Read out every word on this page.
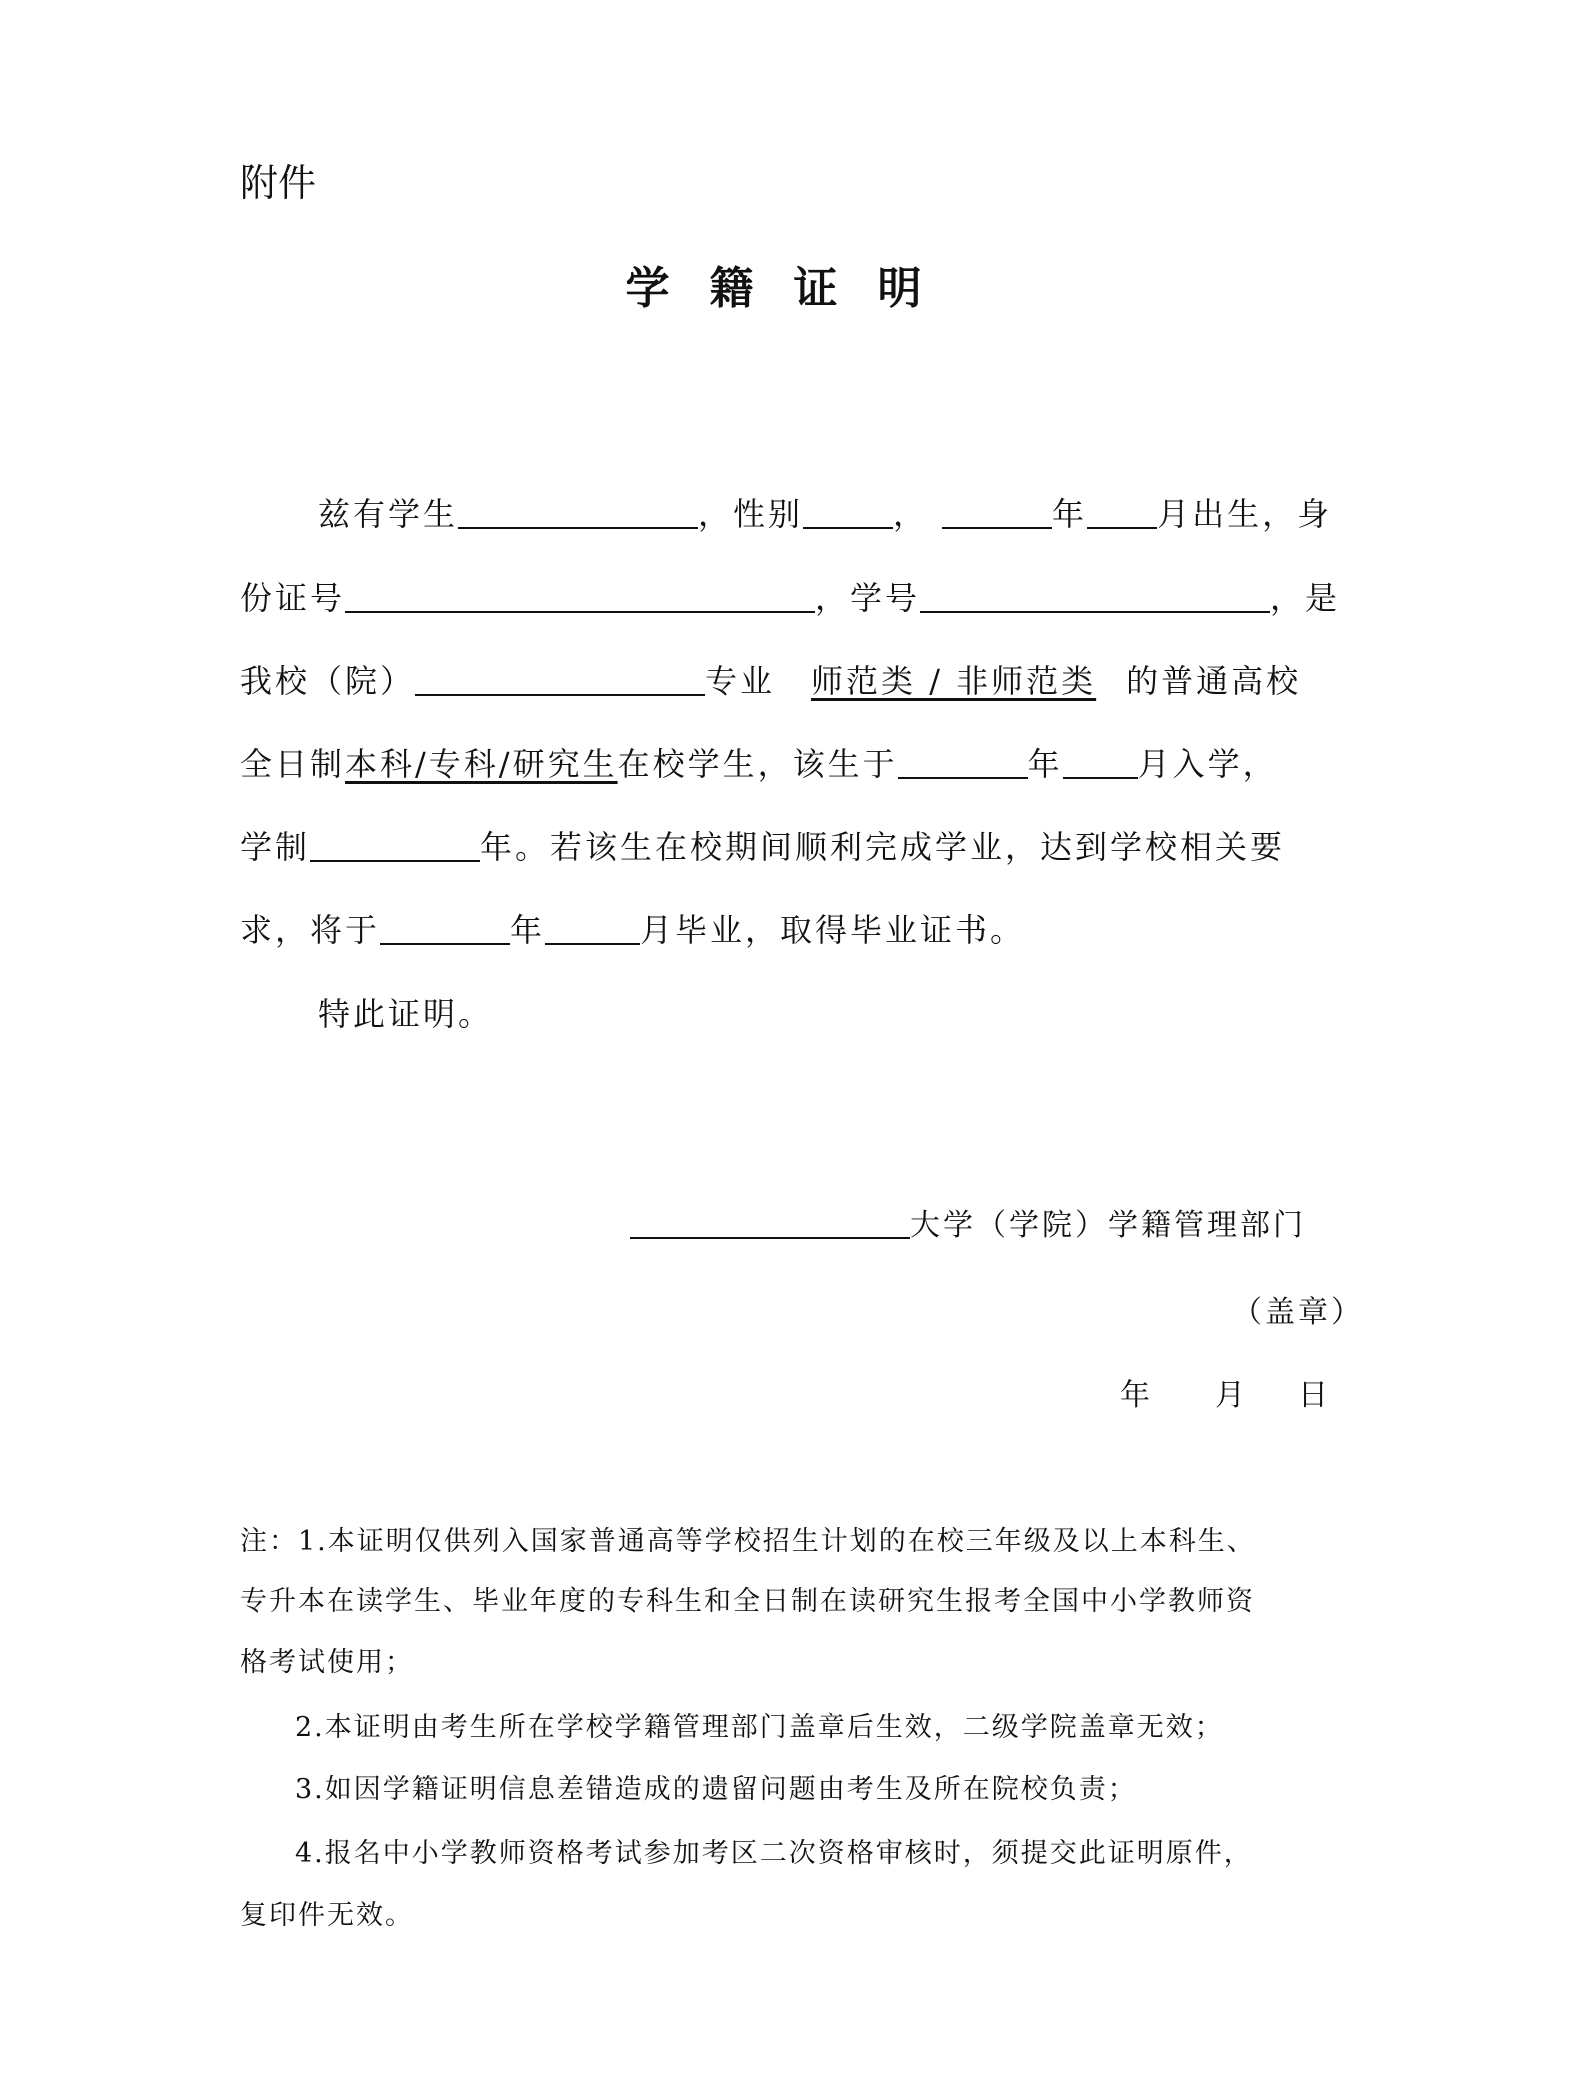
附件
学籍证明
兹有学生	，性别	，	年 月出生，身
份证号	，学号	，是
我校（院）	专业 师范类 / 非师范类 的普通高校
全日制本科/专科/研究生在校学生，该生于	年 月入学，
学制	年。若该生在校期间顺利完成学业，达到学校相关要
求，将于	年	月毕业，取得毕业证书。
特此证明。
大学（学院）学籍管理部门
（盖章）
年 月 日
注：1.本证明仅供列入国家普通高等学校招生计划的在校三年级及以上本科生、
专升本在读学生、毕业年度的专科生和全日制在读研究生报考全国中小学教师资
格考试使用；
2.本证明由考生所在学校学籍管理部门盖章后生效，二级学院盖章无效；
3.如因学籍证明信息差错造成的遗留问题由考生及所在院校负责；
4.报名中小学教师资格考试参加考区二次资格审核时，须提交此证明原件，
复印件无效。
